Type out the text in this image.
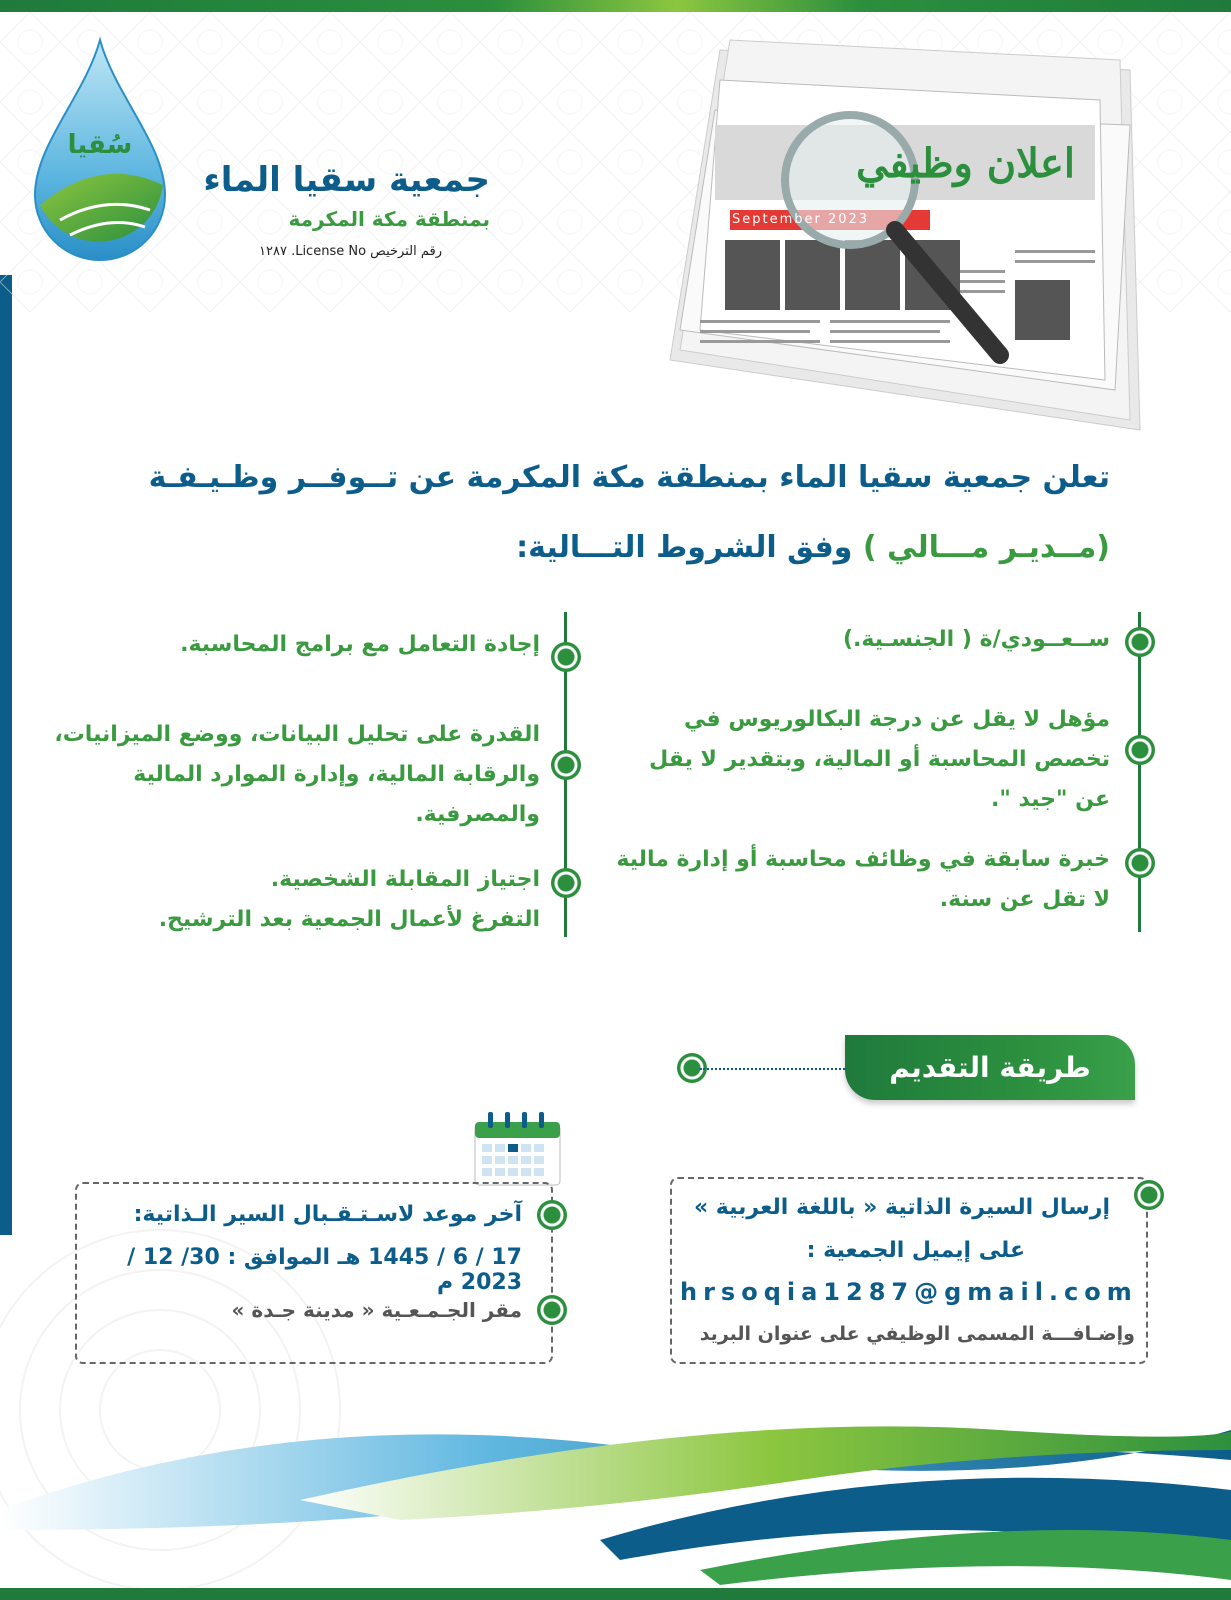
سُقيا
جمعية سقيا الماء
بمنطقة مكة المكرمة
رقم الترخيص License No. ١٢٨٧
اعلان وظيفي
September 2023
تعلن جمعية سقيا الماء بمنطقة مكة المكرمة عن تــوفــر وظـيـفـة
(مــديـر مـــالي ) وفق الشروط التـــالية:
ســعــودي/ة ( الجنسـية.)
مؤهل لا يقل عن درجة البكالوريوس في
تخصص المحاسبة أو المالية، وبتقدير لا يقل
عن "جيد ".
خبرة سابقة في وظائف محاسبة أو إدارة مالية
لا تقل عن سنة.
إجادة التعامل مع برامج المحاسبة.
القدرة على تحليل البيانات، ووضع الميزانيات،
والرقابة المالية، وإدارة الموارد المالية
والمصرفية.
اجتياز المقابلة الشخصية.
التفرغ لأعمال الجمعية بعد الترشيح.
طريقة التقديم
إرسال السيرة الذاتية « باللغة العربية »
على إيميل الجمعية :
hrsoqia1287@gmail.com
وإضـافـــة المسمى الوظيفي على عنوان البريد
آخر موعد لاسـتـقـبال السير الـذاتية:
17 / 6 / 1445 هـ الموافق : 30/ 12 / 2023 م
مقر الجـمـعـية « مدينة جـدة »
